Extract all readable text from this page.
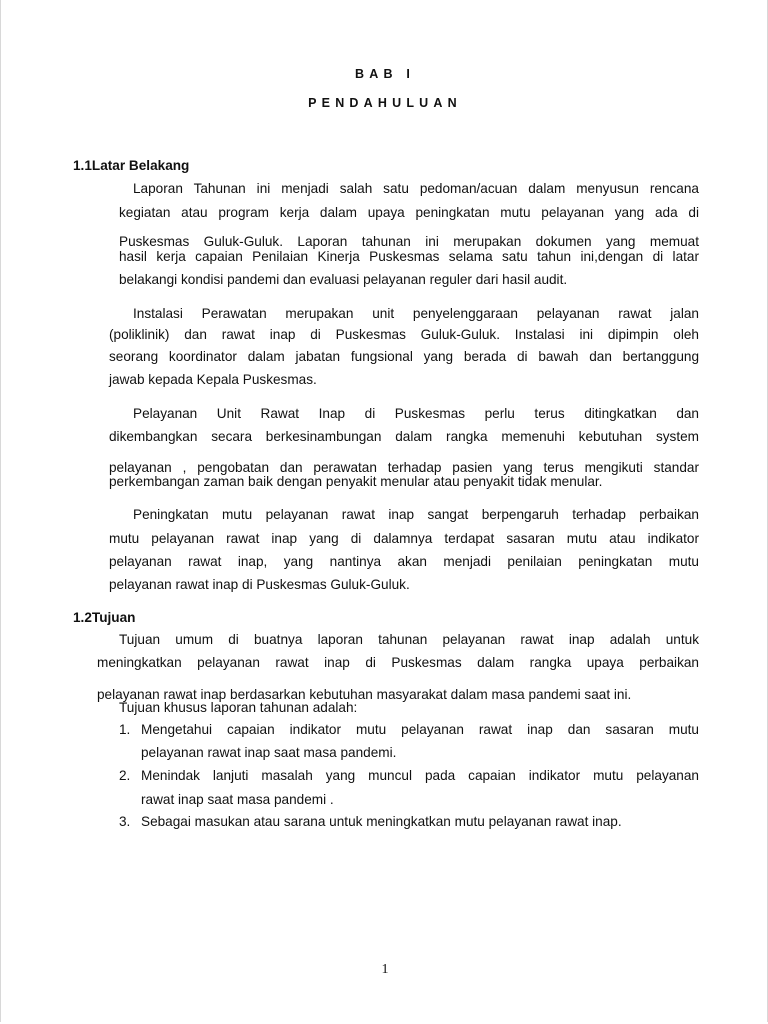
BAB I
PENDAHULUAN
1.1Latar Belakang
Laporan Tahunan ini menjadi salah satu pedoman/acuan dalam menyusun rencana
kegiatan atau program kerja dalam upaya peningkatan mutu pelayanan yang ada di
Puskesmas Guluk-Guluk. Laporan tahunan ini merupakan dokumen yang memuat
hasil kerja capaian Penilaian Kinerja Puskesmas selama satu tahun ini,dengan di latar
belakangi kondisi pandemi dan evaluasi pelayanan reguler dari hasil audit.
Instalasi Perawatan merupakan unit penyelenggaraan pelayanan rawat jalan
(poliklinik) dan rawat inap di Puskesmas Guluk-Guluk. Instalasi ini dipimpin oleh
seorang koordinator dalam jabatan fungsional yang berada di bawah dan bertanggung
jawab kepada Kepala Puskesmas.
Pelayanan Unit Rawat Inap di Puskesmas perlu terus ditingkatkan dan
dikembangkan secara berkesinambungan dalam rangka memenuhi kebutuhan system
pelayanan , pengobatan dan perawatan terhadap pasien yang terus mengikuti standar
perkembangan zaman baik dengan penyakit menular atau penyakit tidak menular.
Peningkatan mutu pelayanan rawat inap sangat berpengaruh terhadap perbaikan
mutu pelayanan rawat inap yang di dalamnya terdapat sasaran mutu atau indikator
pelayanan rawat inap, yang nantinya akan menjadi penilaian peningkatan mutu
pelayanan rawat inap di Puskesmas Guluk-Guluk.
1.2Tujuan
Tujuan umum di buatnya laporan tahunan pelayanan rawat inap adalah untuk
meningkatkan pelayanan rawat inap di Puskesmas dalam rangka upaya perbaikan
pelayanan rawat inap berdasarkan kebutuhan masyarakat dalam masa pandemi saat ini.
Tujuan khusus laporan tahunan adalah:
1. Mengetahui capaian indikator mutu pelayanan rawat inap dan sasaran mutu
pelayanan rawat inap saat masa pandemi.
2. Menindak lanjuti masalah yang muncul pada capaian indikator mutu pelayanan
rawat inap saat masa pandemi .
3. Sebagai masukan atau sarana untuk meningkatkan mutu pelayanan rawat inap.
1
